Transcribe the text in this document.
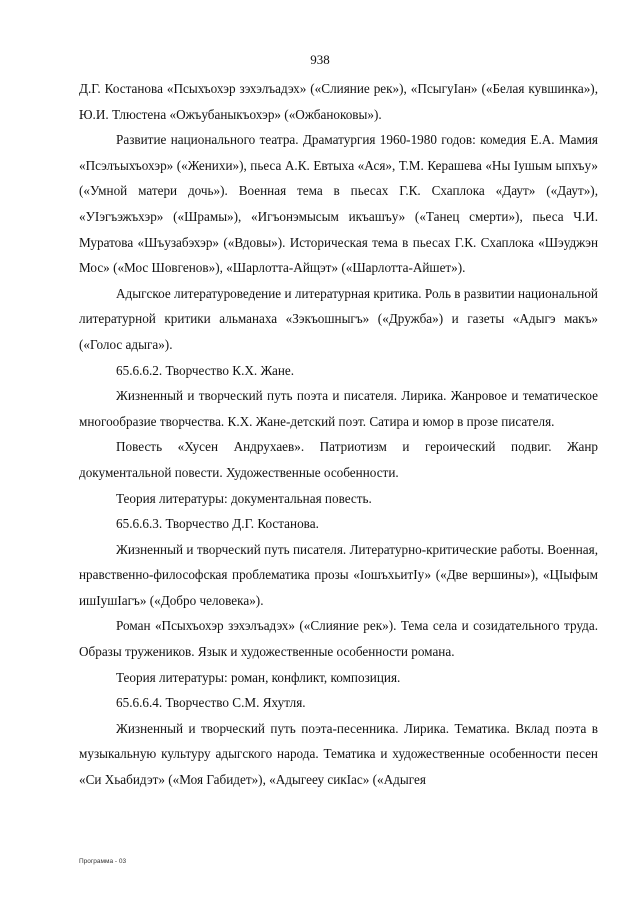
938

Д.Г. Костанова «Псыхъохэр зэхэлъадэх» («Слияние рек»), «ПсыгуIан» («Белая кувшинка»), Ю.И. Тлюстена «Ожъубаныкъохэр» («Ожбаноковы»).

Развитие национального театра. Драматургия 1960-1980 годов: комедия Е.А. Мамия «Псэлъыхъохэр» («Женихи»), пьеса А.К. Евтыха «Ася», Т.М. Керашева «Ны Iушым ыпхъу» («Умной матери дочь»). Военная тема в пьесах Г.К. Схаплока «Даут» («Даут»), «УIэгъэжъхэр» («Шрамы»), «Игъонэмысым икъашъу» («Танец смерти»), пьеса Ч.И. Муратова «Шъузабэхэр» («Вдовы»). Историческая тема в пьесах Г.К. Схаплока «Шэуджэн Мос» («Мос Шовгенов»), «Шарлотта-Айщэт» («Шарлотта-Айшет»).

Адыгское литературоведение и литературная критика. Роль в развитии национальной литературной критики альманаха «Зэкъошныгъ» («Дружба») и газеты «Адыгэ макъ» («Голос адыга»).

65.6.6.2. Творчество К.Х. Жане.

Жизненный и творческий путь поэта и писателя. Лирика. Жанровое и тематическое многообразие творчества. К.Х. Жане-детский поэт. Сатира и юмор в прозе писателя.

Повесть «Хусен Андрухаев». Патриотизм и героический подвиг. Жанр документальной повести. Художественные особенности.

Теория литературы: документальная повесть.

65.6.6.3. Творчество Д.Г. Костанова.

Жизненный и творческий путь писателя. Литературно-критические работы. Военная, нравственно-философская проблематика прозы «IошъхьитIу» («Две вершины»), «ЦIыфым ишIушIагъ» («Добро человека»).

Роман «Псыхъохэр зэхэлъадэх» («Слияние рек»). Тема села и созидательного труда. Образы тружеников. Язык и художественные особенности романа.

Теория литературы: роман, конфликт, композиция.

65.6.6.4. Творчество С.М. Яхутля.

Жизненный и творческий путь поэта-песенника. Лирика. Тематика. Вклад поэта в музыкальную культуру адыгского народа. Тематика и художественные особенности песен «Си Хьабидэт» («Моя Габидет»), «Адыгееу сикIас» («Адыгея

Программа - 03
